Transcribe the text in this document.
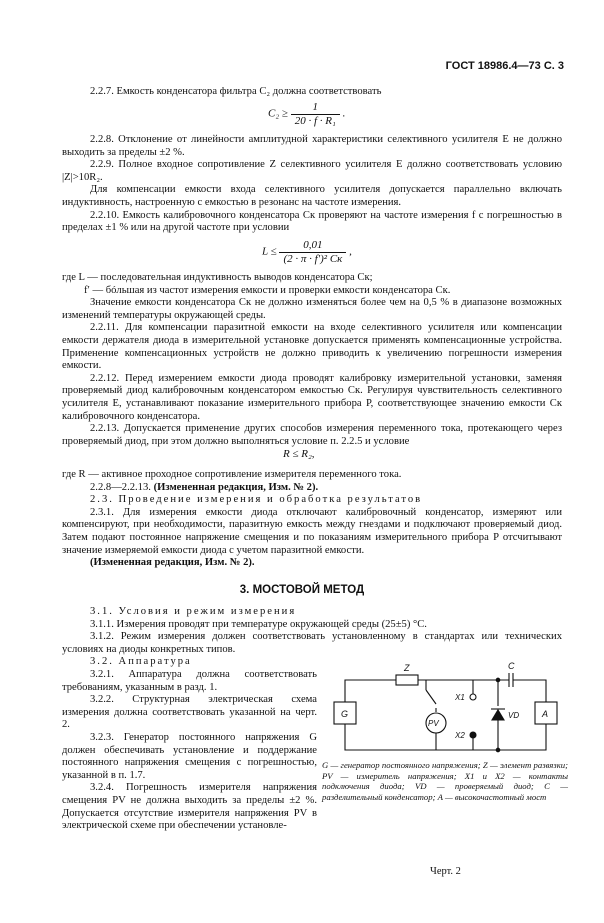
ГОСТ 18986.4—73 С. 3

2.2.7. Емкость конденсатора фильтра C₂ должна соответствовать

$C_2 \ge \frac{1}{\text{20 · f · R₁}}$ .

2.2.8. Отклонение от линейности амплитудной характеристики селективного усилителя E не должно выходить за пределы ±2 %.

2.2.9. Полное входное сопротивление Z селективного усилителя E должно соответствовать условию |Z|>10R₂.

Для компенсации емкости входа селективного усилителя допускается параллельно включать индуктивность, настроенную с емкостью в резонанс на частоте измерения.

2.2.10. Емкость калибровочного конденсатора Cк проверяют на частоте измерения f с погрешностью в пределах ±1 % или на другой частоте при условии

$L \le \frac{0,01}{\text{(2 · π · f′)² Cк}}$ ,

где L — последовательная индуктивность выводов конденсатора Cк;

f′ — бóльшая из частот измерения емкости и проверки емкости конденсатора Cк.

Значение емкости конденсатора Cк не должно изменяться более чем на 0,5 % в диапазоне возможных изменений температуры окружающей среды.

2.2.11. Для компенсации паразитной емкости на входе селективного усилителя или компенсации емкости держателя диода в измерительной установке допускается применять компенсационные устройства. Применение компенсационных устройств не должно приводить к увеличению погрешности измерения емкости.

2.2.12. Перед измерением емкости диода проводят калибровку измерительной установки, заменяя проверяемый диод калибровочным конденсатором емкостью Cк. Регулируя чувствительность селективного усилителя E, устанавливают показание измерительного прибора P, соответствующее значению емкости Cк калибровочного конденсатора.

2.2.13. Допускается применение других способов измерения переменного тока, протекающего через проверяемый диод, при этом должно выполняться условие п. 2.2.5 и условие

R ≤ R₂,

где R — активное проходное сопротивление измерителя переменного тока.

2.2.8—2.2.13. (Измененная редакция, Изм. № 2).

2.3. Проведение измерения и обработка результатов

2.3.1. Для измерения емкости диода отключают калибровочный конденсатор, измеряют или компенсируют, при необходимости, паразитную емкость между гнездами и подключают проверяемый диод. Затем подают постоянное напряжение смещения и по показаниям измерительного прибора P отсчитывают значение измеряемой емкости диода с учетом паразитной емкости.

(Измененная редакция, Изм. № 2).

3. МОСТОВОЙ МЕТОД

3.1. Условия и режим измерения

3.1.1. Измерения проводят при температуре окружающей среды (25±5) °С.

3.1.2. Режим измерения должен соответствовать установленному в стандартах или технических условиях на диоды конкретных типов.

3.2. Аппаратура

3.2.1. Аппаратура должна соответствовать требованиям, указанным в разд. 1.

3.2.2. Структурная электрическая схема измерения должна соответствовать указанной на черт. 2.

3.2.3. Генератор постоянного напряжения G должен обеспечивать установление и поддержание постоянного напряжения смещения с погрешностью, указанной в п. 1.7.

3.2.4. Погрешность измерителя напряжения смещения PV не должна выходить за пределы ±2 %. Допускается отсутствие измерителя напряжения PV в электрической схеме при обеспечении установле-

G
Z	C
A
PV
X1
X2
VD
G — генератор постоянного напряжения; Z — элемент развязки; PV — измеритель напряжения; X1 и X2 — контакты подключения диода; VD — проверяемый диод; C — разделительный конденсатор; A — высокочастотный мост
Черт. 2
